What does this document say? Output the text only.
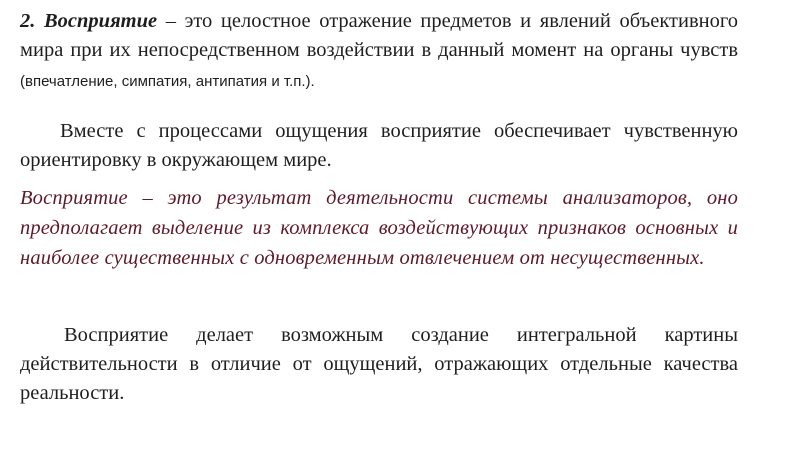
2. Восприятие – это целостное отражение предметов и явлений объективного мира при их непосредственном воздействии в данный момент на органы чувств (впечатление, симпатия, антипатия и т.п.).

Вместе с процессами ощущения восприятие обеспечивает чувственную ориентировку в окружающем мире.

Восприятие – это результат деятельности системы анализаторов, оно предполагает выделение из комплекса воздействующих признаков основных и наиболее существенных с одновременным отвлечением от несущественных.

Восприятие делает возможным создание интегральной картины действительности в отличие от ощущений, отражающих отдельные качества реальности.
